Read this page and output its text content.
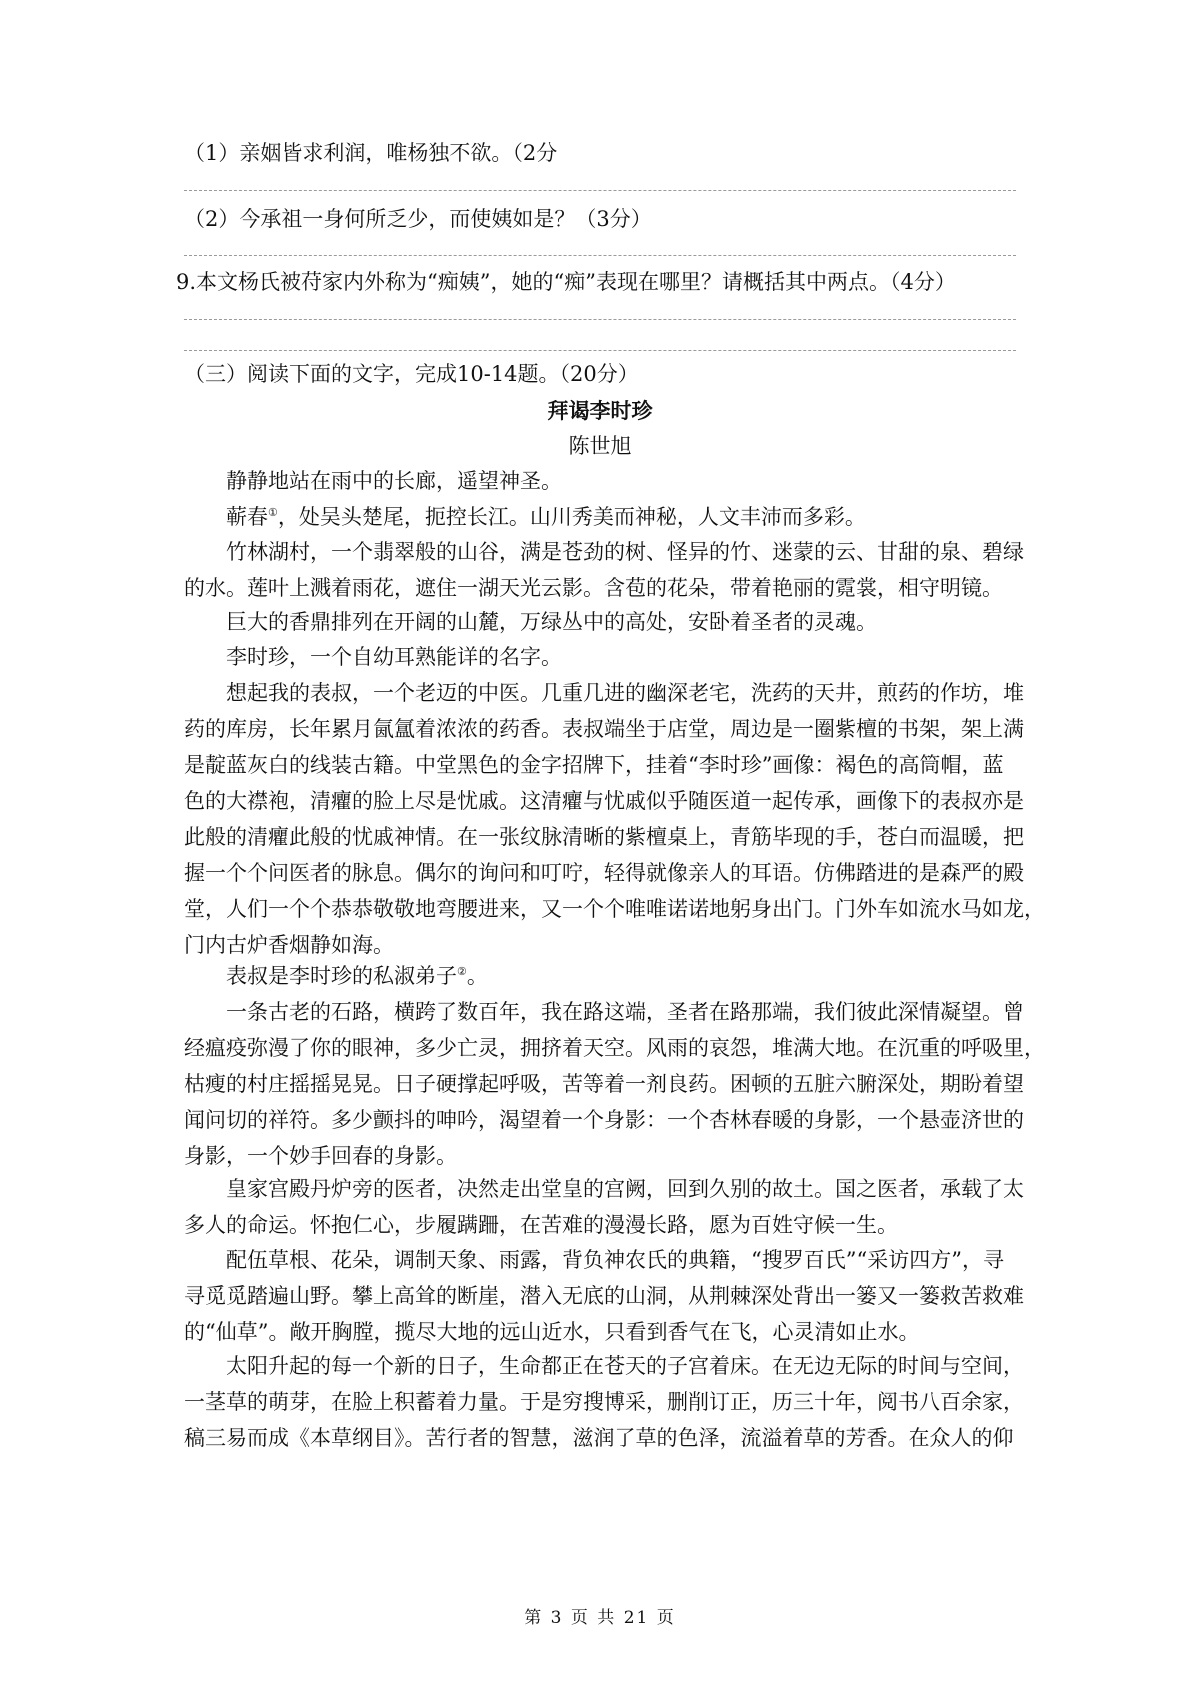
（1）亲姻皆求利润，唯杨独不欲。（2分
（2）今承祖一身何所乏少，而使姨如是？（3分）
9.本文杨氏被苻家内外称为“痴姨”，她的“痴”表现在哪里？请概括其中两点。（4分）
（三）阅读下面的文字，完成10-14题。（20分）
拜谒李时珍
陈世旭
静静地站在雨中的长廊，遥望神圣。
蕲春①，处吴头楚尾，扼控长江。山川秀美而神秘，人文丰沛而多彩。
竹林湖村，一个翡翠般的山谷，满是苍劲的树、怪异的竹、迷蒙的云、甘甜的泉、碧绿
的水。莲叶上溅着雨花，遮住一湖天光云影。含苞的花朵，带着艳丽的霓裳，相守明镜。
巨大的香鼎排列在开阔的山麓，万绿丛中的高处，安卧着圣者的灵魂。
李时珍，一个自幼耳熟能详的名字。
想起我的表叔，一个老迈的中医。几重几进的幽深老宅，洗药的天井，煎药的作坊，堆
药的库房，长年累月氤氲着浓浓的药香。表叔端坐于店堂，周边是一圈紫檀的书架，架上满
是靛蓝灰白的线装古籍。中堂黑色的金字招牌下，挂着“李时珍”画像：褐色的高筒帽，蓝
色的大襟袍，清癯的脸上尽是忧戚。这清癯与忧戚似乎随医道一起传承，画像下的表叔亦是
此般的清癯此般的忧戚神情。在一张纹脉清晰的紫檀桌上，青筋毕现的手，苍白而温暖，把
握一个个问医者的脉息。偶尔的询问和叮咛，轻得就像亲人的耳语。仿佛踏进的是森严的殿
堂，人们一个个恭恭敬敬地弯腰进来，又一个个唯唯诺诺地躬身出门。门外车如流水马如龙，
门内古炉香烟静如海。
表叔是李时珍的私淑弟子②。
一条古老的石路，横跨了数百年，我在路这端，圣者在路那端，我们彼此深情凝望。曾
经瘟疫弥漫了你的眼神，多少亡灵，拥挤着天空。风雨的哀怨，堆满大地。在沉重的呼吸里，
枯瘦的村庄摇摇晃晃。日子硬撑起呼吸，苦等着一剂良药。困顿的五脏六腑深处，期盼着望
闻问切的祥符。多少颤抖的呻吟，渴望着一个身影：一个杏林春暖的身影，一个悬壶济世的
身影，一个妙手回春的身影。
皇家宫殿丹炉旁的医者，决然走出堂皇的宫阙，回到久别的故土。国之医者，承载了太
多人的命运。怀抱仁心，步履蹒跚，在苦难的漫漫长路，愿为百姓守候一生。
配伍草根、花朵，调制天象、雨露，背负神农氏的典籍，“搜罗百氏”“采访四方”，寻
寻觅觅踏遍山野。攀上高耸的断崖，潜入无底的山洞，从荆棘深处背出一篓又一篓救苦救难
的“仙草”。敞开胸膛，揽尽大地的远山近水，只看到香气在飞，心灵清如止水。
太阳升起的每一个新的日子，生命都正在苍天的子宫着床。在无边无际的时间与空间，
一茎草的萌芽，在脸上积蓄着力量。于是穷搜博采，删削订正，历三十年，阅书八百余家，
稿三易而成《本草纲目》。苦行者的智慧，滋润了草的色泽，流溢着草的芳香。在众人的仰
第 3 页 共 21 页
